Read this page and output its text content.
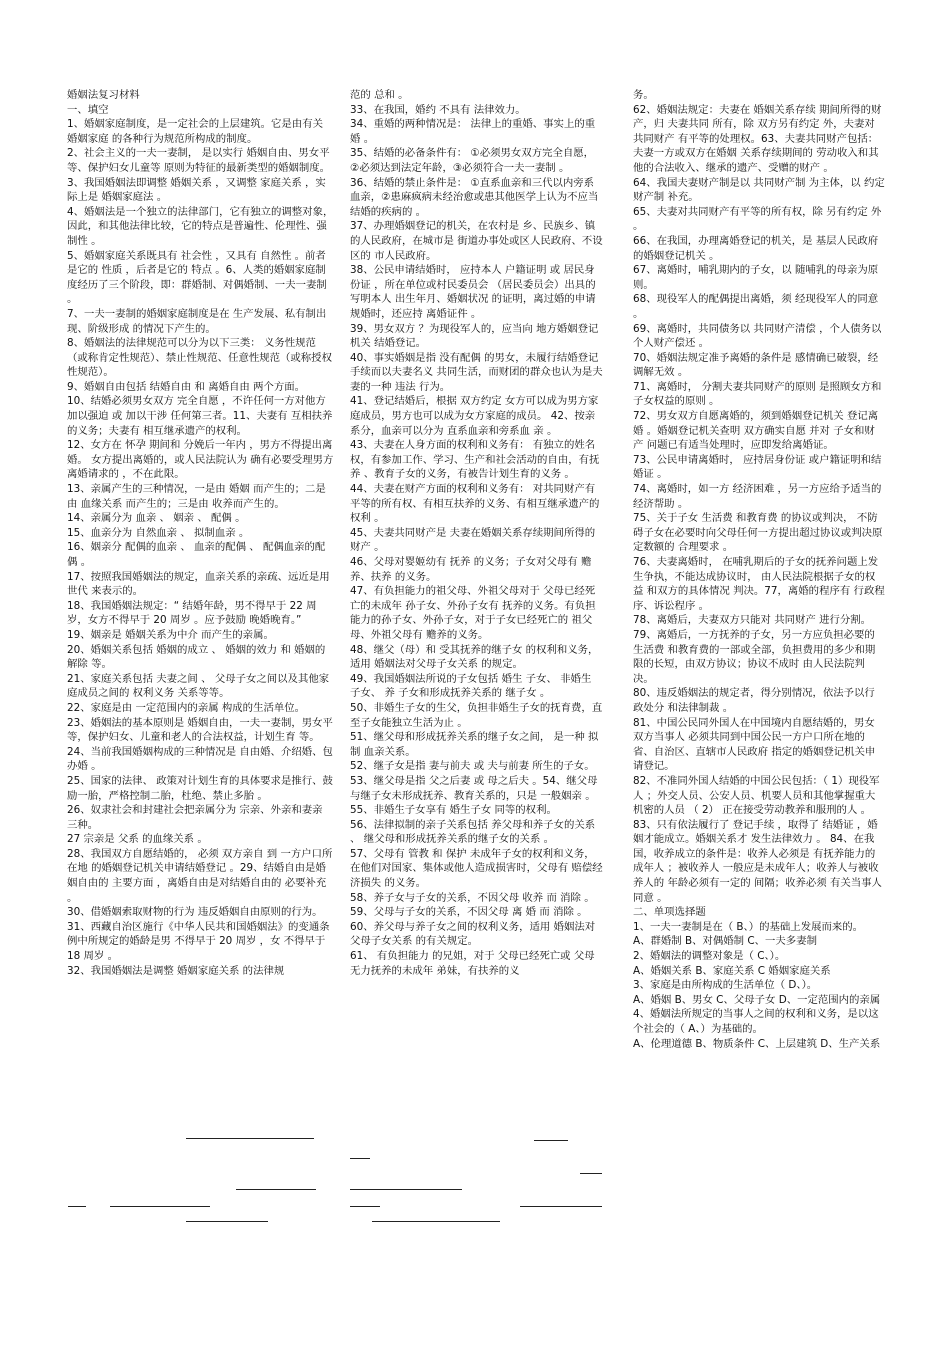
婚姻法复习材料

一、填空

1、婚姻家庭制度，是一定社会的上层建筑。它是由有关 婚姻家庭 的各种行为规范所构成的制度。

2、社会主义的一夫一妻制， 是以实行 婚姻自由、男女平等、保护妇女儿童等 原则为特征的最新类型的婚姻制度。

3、我国婚姻法即调整 婚姻关系 ，又调整 家庭关系 ，实际上是 婚姻家庭法 。

4、婚姻法是一个独立的法律部门，它有独立的调整对象，因此，和其他法律比较，它的特点是普遍性、伦理性、强制性 。

5、婚姻家庭关系既具有 社会性 ，又具有 自然性 。前者是它的 性质 ，后者是它的 特点 。6、人类的婚姻家庭制度经历了三个阶段，即：群婚制、对偶婚制、一夫一妻制 。

7、一夫一妻制的婚姻家庭制度是在 生产发展、私有制出现、阶级形成 的情况下产生的。

8、婚姻法的法律规范可以分为以下三类： 义务性规范（或称肯定性规范）、禁止性规范、任意性规范（或称授权性规范）。

9、婚姻自由包括 结婚自由 和 离婚自由 两个方面。

10、结婚必须男女双方 完全自愿 ，不许任何一方对他方 加以强迫 或 加以干涉 任何第三者。11、夫妻有 互相扶养 的义务；夫妻有 相互继承遗产的权利。

12、女方在 怀孕 期间和 分娩后一年内 ，男方不得提出离婚。 女方提出离婚的，或人民法院认为 确有必要受理男方离婚请求的 ，不在此限。

13、亲属产生的三种情况，一是由 婚姻 而产生的；二是由 血缘关系 而产生的；三是由 收养而产生的。

14、亲属分为 血亲 、 姻亲 、 配偶 。

15、血亲分为 自然血亲 、 拟制血亲 。

16、姻亲分 配偶的血亲 、 血亲的配偶 、 配偶血亲的配偶 。

17、按照我国婚姻法的规定，血亲关系的亲疏、远近是用 世代 来表示的。

18、我国婚姻法规定：“ 结婚年龄，男不得早于 22 周岁，女方不得早于 20 周岁 。应予鼓励 晚婚晚育。”

19、姻亲是 婚姻关系为中介 而产生的亲属。

20、婚姻关系包括 婚姻的成立 、 婚姻的效力 和 婚姻的解除 等。

21、家庭关系包括 夫妻之间 、 父母子女之间以及其他家庭成员之间的 权利义务 关系等等。

22、家庭是由 一定范围内的亲属 构成的生活单位。

23、婚姻法的基本原则是 婚姻自由，一夫一妻制，男女平等，保护妇女、儿童和老人的合法权益，计划生育 等。

24、当前我国婚姻构成的三种情况是 自由婚、介绍婚、包办婚 。

25、国家的法律、 政策对计划生育的具体要求是推行、鼓励一胎，严格控制二胎，杜绝、禁止多胎 。

26、奴隶社会和封建社会把亲属分为 宗亲、外亲和妻亲 三种。

27 宗亲是 父系 的血缘关系 。

28、我国双方自愿结婚的， 必须 双方亲自 到 一方户口所在地 的婚姻登记机关申请结婚登记 。29、结婚自由是婚姻自由的 主要方面 ，离婚自由是对结婚自由的 必要补充 。

30、借婚姻索取财物的行为 违反婚姻自由原则的行为。

31、西藏自治区施行《中华人民共和国婚姻法》的变通条例中所规定的婚龄是男 不得早于 20 周岁 ，女 不得早于 18 周岁 。

32、我国婚姻法是调整 婚姻家庭关系 的法律规

范的 总和 。

33、在我国，婚约 不具有 法律效力。

34、重婚的两种情况是： 法律上的重婚、事实上的重婚 。

35、结婚的必备条件有： ①必须男女双方完全自愿，②必须达到法定年龄，③必须符合一夫一妻制 。

36、结婚的禁止条件是： ①直系血亲和三代以内旁系血亲，②患麻疯病未经治愈或患其他医学上认为不应当结婚的疾病的 。

37、办理婚姻登记的机关，在农村是 乡、民族乡、镇 的人民政府，在城市是 街道办事处或区人民政府、不设区的 市人民政府。

38、公民申请结婚时， 应持本人 户籍证明 或 居民身份证 ，所在单位或村民委员会 （居民委员会）出具的写明本人 出生年月、婚姻状况 的证明，离过婚的申请规婚时，还应持 离婚证件 。

39、男女双方 ？为现役军人的，应当向 地方婚姻登记机关 结婚登记。

40、事实婚姻是指 没有配偶 的男女，未履行结婚登记 手续而以夫妻名义 共同生活，而财团的群众也认为是夫妻的一种 违法 行为。

41、登记结婚后，根据 双方约定 女方可以成为男方家庭成员，男方也可以成为女方家庭的成员。 42、按亲系分，血亲可以分为 直系血亲和旁系血 亲 。

43、夫妻在人身方面的权利和义务有： 有独立的姓名权，有参加工作、学习、生产和社会活动的自由，有抚养 、教育子女的义务，有被告计划生育的义务 。

44、夫妻在财产方面的权利和义务有： 对共同财产有平等的所有权、有相互扶养的义务、有相互继承遗产的权利 。

45、夫妻共同财产是 夫妻在婚姻关系存续期间所得的财产 。

46、父母对婴姬幼有 抚养 的义务；子女对父母有 赡养、扶养 的义务。

47、有负担能力的祖父母、外祖父母对于 父母已经死亡的未成年 孙子女、外孙子女有 抚养的义务。有负担能力的孙子女、外孙子女，对于子女已经死亡的 祖父母、外祖父母有 赡养的义务。

48、继父（母）和 受其抚养的继子女 的权利和义务，适用 婚姻法对父母子女关系 的规定。

49、我国婚姻法所说的子女包括 婚生 子女、 非婚生 子女、 养 子女和形成抚养关系的 继子女 。

50、非婚生子女的生父，负担非婚生子女的抚育费，直至子女能独立生活为止 。

51、继父母和形成抚养关系的继子女之间， 是一种 拟制 血亲关系。

52、继子女是指 妻与前夫 或 夫与前妻 所生的子女。

53、继父母是指 父之后妻 或 母之后夫 。54、继父母与继子女未形成抚养、教育关系的，只是 一般姻亲 。

55、非婚生子女享有 婚生子女 同等的权利。

56、法律拟制的亲子关系包括 养父母和养子女的关系 、 继父母和形成抚养关系的继子女的关系 。

57、父母有 管教 和 保护 未成年子女的权利和义务，在他们对国家、集体或他人造成损害时，父母有 赔偿经济损失 的义务。

58、养子女与子女的关系，不因父母 收养 而 消除 。

59、父母与子女的关系，不因父母 离 婚 而 消除 。

60、养父母与养子女之间的权利义务，适用 婚姻法对父母子女关系 的有关规定。

61、 有负担能力 的兄姐，对于 父母已经死亡或 父母无力抚养的未成年 弟妹，有扶养的义

务。

62、婚姻法规定：夫妻在 婚姻关系存续 期间所得的财产，归 夫妻共同 所有，除 双方另有约定 外，夫妻对 共同财产 有平等的处理权。63、夫妻共同财产包括：夫妻一方或双方在婚姻 关系存续期间的 劳动收入和其他的合法收入、继承的遗产、受赠的财产 。

64、我国夫妻财产制是以 共同财产制 为主体，以 约定财产制 补充。

65、夫妻对共同财产有平等的所有权，除 另有约定 外 。

66、在我国，办理离婚登记的机关，是 基层人民政府的婚姻登记机关 。

67、离婚时，哺乳期内的子女，以 随哺乳的母亲为原则。

68、现役军人的配偶提出离婚，须 经现役军人的同意 。

69、离婚时，共同债务以 共同财产清偿 ，个人债务以个人财产偿还 。

70、婚姻法规定准予离婚的条件是 感情确已破裂，经调解无效 。

71、离婚时， 分割夫妻共同财产的原则 是照顾女方和子女权益的原则 。

72、男女双方自愿离婚的，须到婚姻登记机关 登记离婚 。婚姻登记机关查明 双方确实自愿 并对 子女和财产 问题已有适当处理时，应即发给离婚证。

73、公民申请离婚时， 应持居身份证 或户籍证明和结婚证 。

74、离婚时，如一方 经济困难 ，另一方应给予适当的经济帮助 。

75、关于子女 生活费 和教育费 的协议或判决， 不防碍子女在必要时向父母任何一方提出超过协议或判决原定数额的 合理要求 。

76、夫妻离婚时， 在哺乳期后的子女的抚养问题上发生争执，不能达成协议时， 由人民法院根据子女的权益 和双方的具体情况 判决。77，离婚的程序有 行政程序、诉讼程序 。

78、离婚后，夫妻双方只能对 共同财产 进行分割。

79、离婚后，一方抚养的子女，另一方应负担必要的生活费 和教育费的一部或全部，负担费用的多少和期限的长短，由双方协议；协议不成时 由人民法院判决。

80、违反婚姻法的规定者，得分别情况，依法予以行政处分 和法律制裁 。

81、中国公民同外国人在中国境内自愿结婚的，男女双方当事人 必须共同到中国公民一方户口所在地的省、自治区、直辖市人民政府 指定的婚姻登记机关申请登记。

82、不准同外国人结婚的中国公民包括：（ 1）现役军人 ；外交人员、公安人员、机要人员和其他掌握重大机密的人员 （ 2） 正在接受劳动教养和服刑的人 。

83、只有依法履行了 登记手续 ，取得了 结婚证 ，婚姻才能成立。婚姻关系才 发生法律效力 。 84、在我国，收养成立的条件是：收养人必须是 有抚养能力的成年人 ；被收养人 一般应是未成年人；收养人与被收养人的 年龄必须有一定的 间隔；收养必须 有关当事人 同意 。

二、单项选择题

1、一夫一妻制是在（ B、）的基础上发展而来的。

A、群婚制 B、对偶婚制 C、一夫多妻制

2、婚姻法的调整对象是（ C、）。

A、婚姻关系 B、家庭关系 C 婚姻家庭关系

3、家庭是由所构成的生活单位（ D、）。

A、婚姻 B、男女 C、父母子女 D、一定范围内的亲属

4、婚姻法所规定的当事人之间的权利和义务，是以这个社会的（ A、）为基础的。

A、伦理道德 B、物质条件 C、上层建筑 D、生产关系
